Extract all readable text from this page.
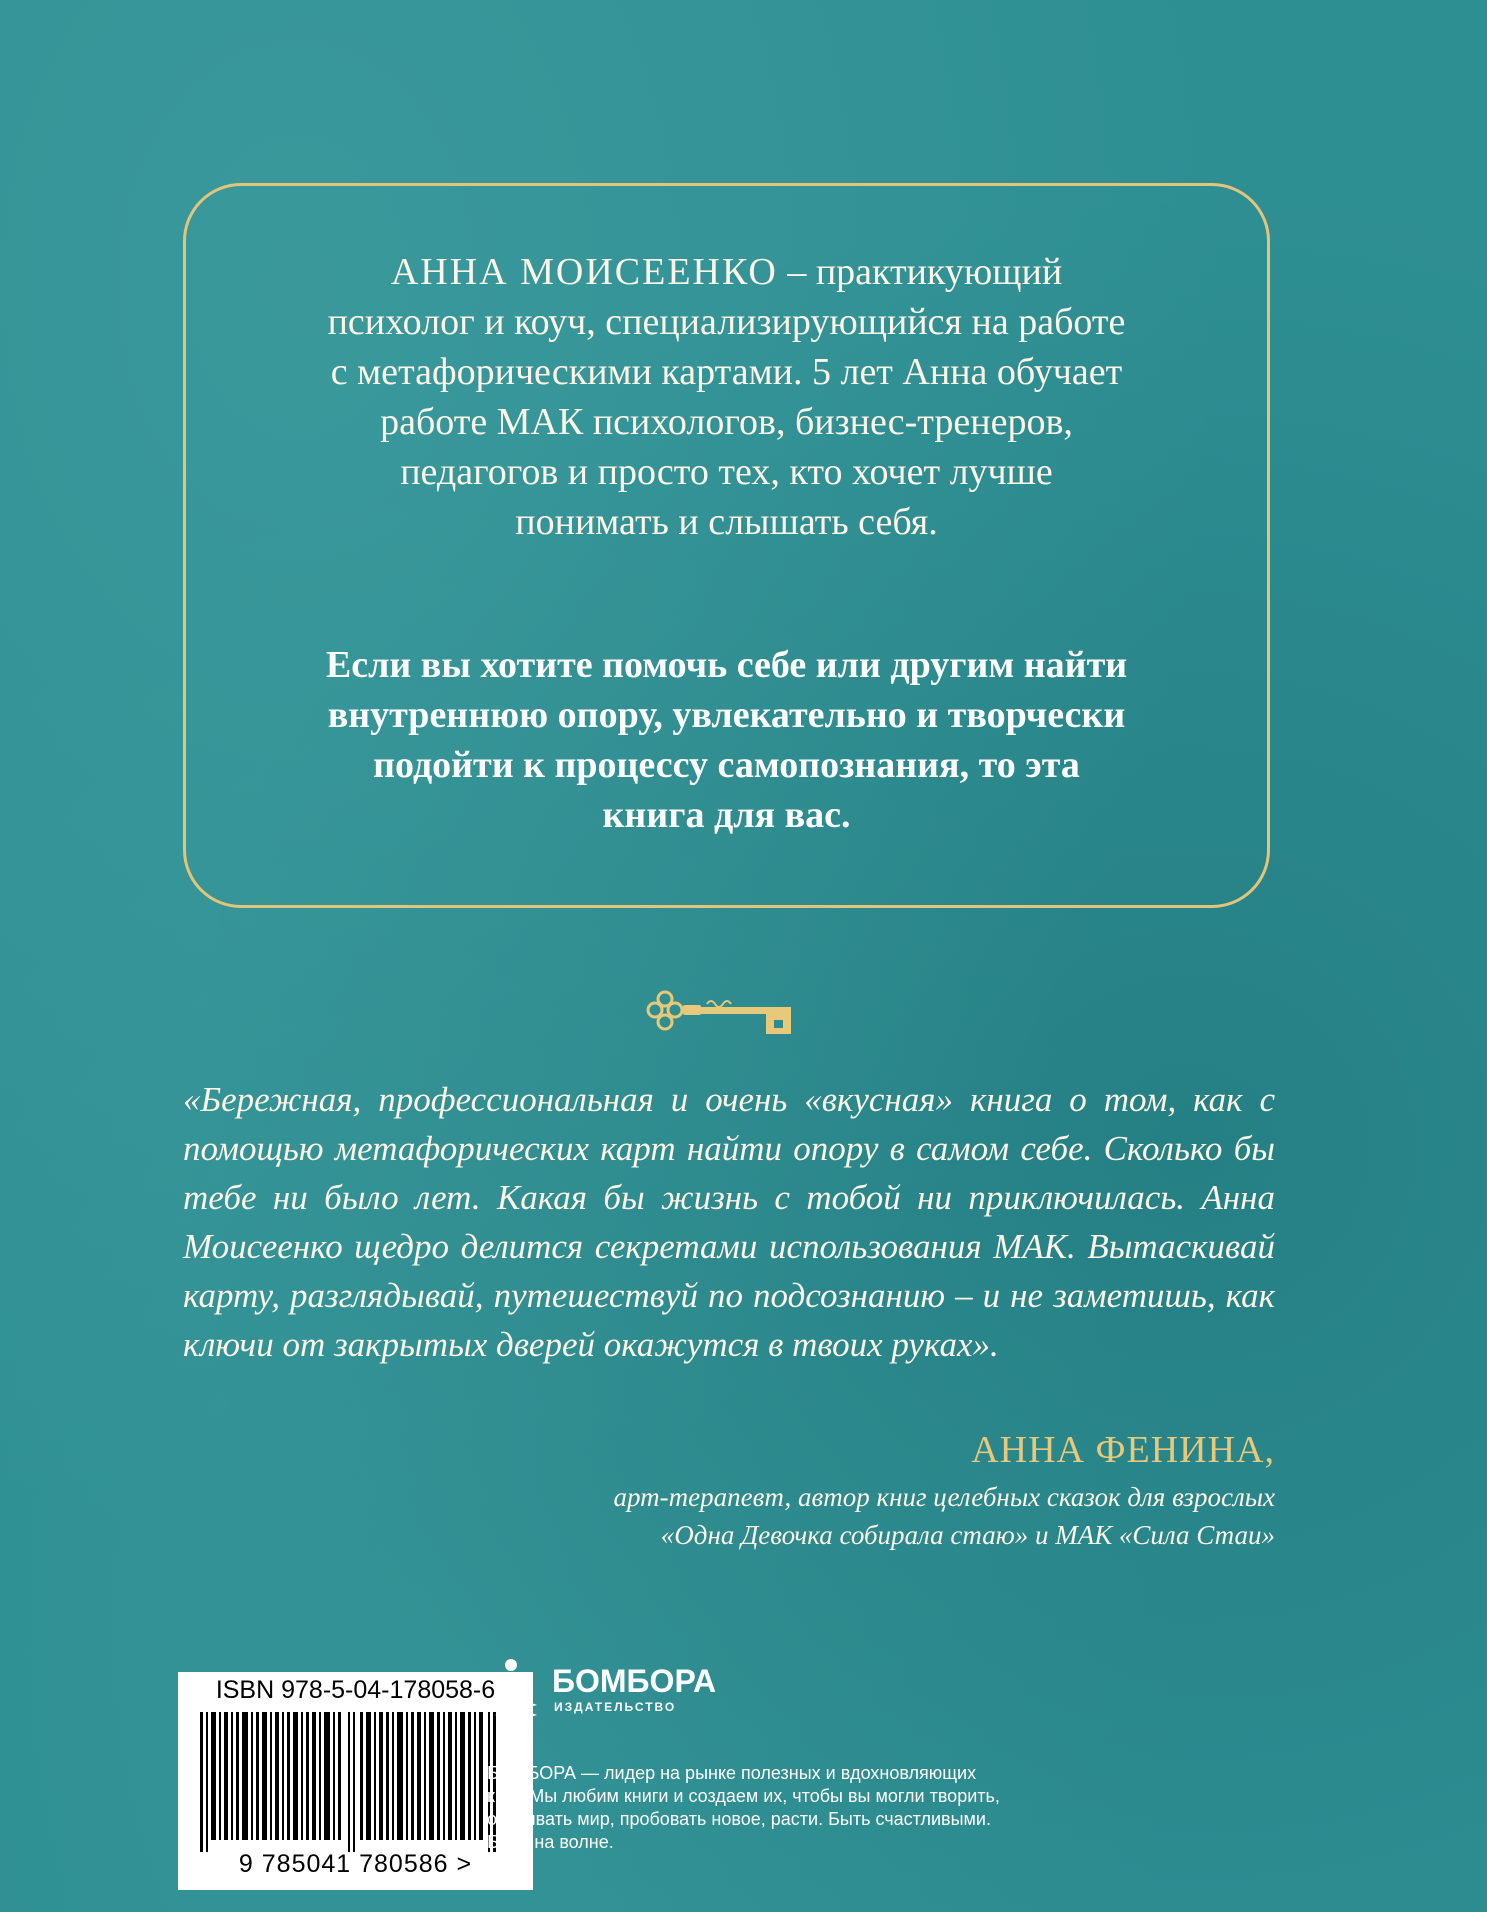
АННА МОИСЕЕНКО – практикующий
психолог и коуч, специализирующийся на работе
с метафорическими картами. 5 лет Анна обучает
работе МАК психологов, бизнес-тренеров,
педагогов и просто тех, кто хочет лучше
понимать и слышать себя.
Если вы хотите помочь себе или другим найти
внутреннюю опору, увлекательно и творчески
подойти к процессу самопознания, то эта
книга для вас.
«Бережная, профессиональная и очень «вкусная» книга о том, как с помощью метафорических карт найти опору в самом себе. Сколько бы тебе ни было лет. Какая бы жизнь с тобой ни приключилась. Анна Моисеенко щедро делится секретами использования МАК. Вытаскивай карту, разглядывай, путешествуй по подсознанию – и не заметишь, как ключи от закрытых дверей окажутся в твоих руках».
АННА ФЕНИНА,
арт-терапевт, автор книг целебных сказок для взрослых
«Одна Девочка собирала стаю» и МАК «Сила Стаи»
ISBN 978-5-04-178058-6
9 785041 780586 >
БОМБОРА
ИЗДАТЕЛЬСТВО
БОМБОРА — лидер на рынке полезных и вдохновляющих книг. Мы любим книги и создаем их, чтобы вы могли творить, открывать мир, пробовать новое, расти. Быть счастливыми. Быть на волне.
